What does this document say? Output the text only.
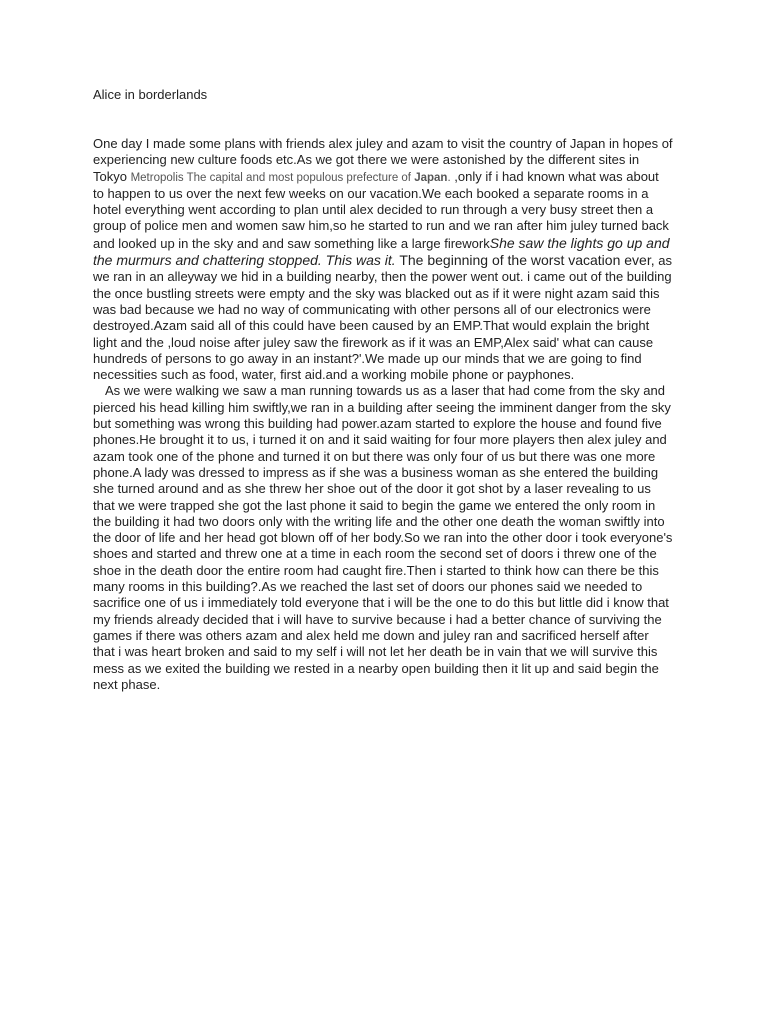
Alice in borderlands

One day I made some plans with friends alex juley and azam to visit the country of Japan in hopes of experiencing new culture foods etc.As we got there we were astonished by the different sites in Tokyo Metropolis The capital and most populous prefecture of Japan. ,only if i had known what was about to happen to us over the next few weeks on our vacation.We each booked a separate rooms in a hotel everything went according to plan until alex decided to run through a very busy street then a group of police men and women saw him,so he started to run and we ran after him juley turned back and looked up in the sky and and saw something like a large fireworkShe saw the lights go up and the murmurs and chattering stopped. This was it. The beginning of the worst vacation ever, as we ran in an alleyway we hid in a building nearby, then the power went out. i came out of the building the once bustling streets were empty and the sky was blacked out as if it were night azam said this was bad because we had no way of communicating with other persons all of our electronics were destroyed.Azam said all of this could have been caused by an EMP.That would explain the bright light and the ,loud noise after juley saw the firework as if it was an EMP,Alex said' what can cause hundreds of persons to go away in an instant?'.We made up our minds that we are going to find necessities such as food, water, first aid.and a working mobile phone or payphones.

As we were walking we saw a man running towards us as a laser that had come from the sky and pierced his head killing him swiftly,we ran in a building after seeing the imminent danger from the sky but something was wrong this building had power.azam started to explore the house and found five phones.He brought it to us, i turned it on and it said waiting for four more players then alex juley and azam took one of the phone and turned it on but there was only four of us but there was one more phone.A lady was dressed to impress as if she was a business woman as she entered the building she turned around and as she threw her shoe out of the door it got shot by a laser revealing to us that we were trapped she got the last phone it said to begin the game we entered the only room in the building it had two doors only with the writing life and the other one death the woman swiftly into the door of life and her head got blown off of her body.So we ran into the other door i took everyone's shoes and started and threw one at a time in each room the second set of doors i threw one of the shoe in the death door the entire room had caught fire.Then i started to think how can there be this many rooms in this building?.As we reached the last set of doors our phones said we needed to sacrifice one of us i immediately told everyone that i will be the one to do this but little did i know that my friends already decided that i will have to survive because i had a better chance of surviving the games if there was others azam and alex held me down and juley ran and sacrificed herself after that i was heart broken and said to my self i will not let her death be in vain that we will survive this mess as we exited the building we rested in a nearby open building then it lit up and said begin the next phase.
